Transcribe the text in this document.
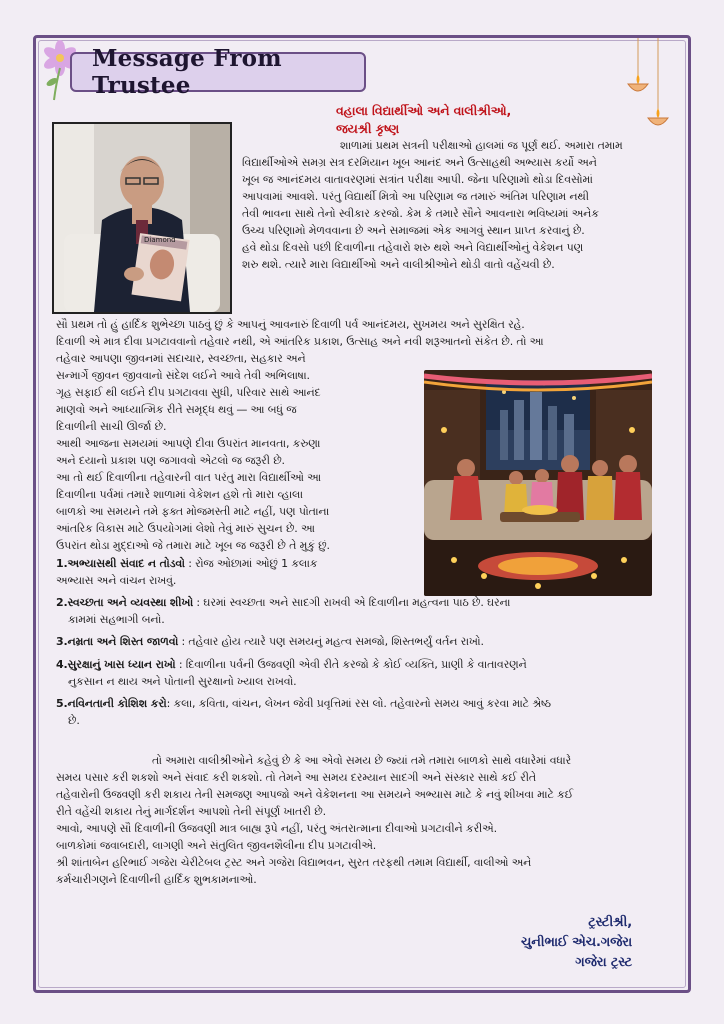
Message From Trustee
Diamond
વહાલા વિદ્યાર્થીઓ અને વાલીશ્રીઓ,
જયશ્રી કૃષ્ણ
શાળામાં પ્રથમ સત્રની પરીક્ષાઓ હાલમાં જ પૂર્ણ થઈ. અમારા તમામ
વિદ્યાર્થીઓએ સમગ્ર સત્ર દરમિયાન ખૂબ આનંદ અને ઉત્સાહથી અભ્યાસ કર્યો અને
ખૂબ જ આનંદમય વાતાવરણમાં સત્રાંત પરીક્ષા આપી. જેના પરિણામો થોડા દિવસોમાં
આપવામાં આવશે. પરંતુ વિદ્યાર્થી મિત્રો આ પરિણામ જ તમારું અંતિમ પરિણામ નથી
તેવી ભાવના સાથે તેનો સ્વીકાર કરજો. કેમ કે તમારે સૌને આવનારા ભવિષ્યમાં અનેક
ઉચ્ચ પરિણામો મેળવવાના છે અને સમાજમાં એક આગવું સ્થાન પ્રાપ્ત કરવાનું છે.
હવે થોડા દિવસો પછી દિવાળીના તહેવારો શરુ થશે અને વિદ્યાર્થીઓનું વેકેશન પણ
શરુ થશે. ત્યારે મારા વિદ્યાર્થીઓ અને વાલીશ્રીઓને થોડી વાતો વહેંચવી છે.
સૌ પ્રથમ તો હું હાર્દિક શુભેચ્છા પાઠવું છું કે આપનું આવનારું દિવાળી પર્વ આનંદમય, સુખમય અને સુરક્ષિત રહે.
દિવાળી એ માત્ર દીવા પ્રગટાવવાનો તહેવાર નથી, એ આંતરિક પ્રકાશ, ઉત્સાહ અને નવી શરૂઆતનો સંકેત છે. તો આ
તહેવાર આપણા જીવનમાં સદાચાર, સ્વચ્છતા, સહકાર અને
સન્માર્ગે જીવન જીવવાનો સંદેશ લઈને આવે તેવી અભિલાષા.
ગૃહ સફાઈ થી લઈને દીપ પ્રગટાવવા સુધી, પરિવાર સાથે આનંદ
માણવો અને આધ્યાત્મિક રીતે સમૃદ્ધ થવું — આ બધું જ
દિવાળીની સાચી ઊર્જા છે.
આથી આજના સમયમાં આપણે દીવા ઉપરાંત માનવતા, કરુણા
અને દયાનો પ્રકાશ પણ જગાવવો એટલો જ જરૂરી છે.
આ તો થઈ દિવાળીના તહેવારની વાત પરંતુ મારા વિદ્યાર્થીઓ આ
દિવાળીના પર્વમાં તમારે શાળામાં વેકેશન હશે તો મારા વ્હાલા
બાળકો આ સમયને તમે ફક્ત મોજમસ્તી માટે નહીં, પણ પોતાના
આંતરિક વિકાસ માટે ઉપયોગમાં લેશો તેવું મારું સુચન છે. આ
ઉપરાંત થોડા મુદ્દાઓ જે તમારા માટે ખૂબ જ જરૂરી છે તે મુકું છું.
1.અભ્યાસથી સંવાદ ન તોડવો : રોજ ઓછામાં ઓછું 1 કલાક
અભ્યાસ અને વાંચન રાખવું.
2.સ્વચ્છતા અને વ્યવસ્થા શીખો : ઘરમાં સ્વચ્છતા અને સાદગી રાખવી એ દિવાળીના મહત્વના પાઠ છે. ઘરના
કામમાં સહભાગી બનો.
3.નમ્રતા અને શિસ્ત જાળવો : તહેવાર હોય ત્યારે પણ સમયનું મહત્વ સમજો, શિસ્તભર્યું વર્તન રાખો.
4.સુરક્ષાનું ખાસ ધ્યાન રાખો : દિવાળીના પર્વની ઉજવણી એવી રીતે કરજો કે કોઈ વ્યક્તિ, પ્રાણી કે વાતાવરણને
નુકસાન ન થાય અને પોતાની સુરક્ષાનો ખ્યાલ રાખવો.
5.નવિનતાની કોશિશ કરો: કલા, કવિતા, વાંચન, લેખન જેવી પ્રવૃત્તિમાં રસ લો. તહેવારનો સમય આવું કરવા માટે શ્રેષ્ઠ
છે.
તો અમારા વાલીશ્રીઓને કહેવું છે કે આ એવો સમય છે જ્યાં તમે તમારા બાળકો સાથે વધારેમાં વધારે
સમય પસાર કરી શકશો અને સંવાદ કરી શકશો. તો તેમને આ સમય દરમ્યાન સાદગી અને સંસ્કાર સાથે કઈ રીતે
તહેવારોની ઉજવણી કરી શકાય તેની સમજણ આપજો અને વેકેશનના આ સમયને અભ્યાસ માટે કે નવું શીખવા માટે કઈ
રીતે વહેંચી શકાય તેનું માર્ગદર્શન આપશો તેની સંપૂર્ણ ખાતરી છે.
આવો, આપણે સૌ દિવાળીની ઉજવણી માત્ર બાહ્ય રૂપે નહીં, પરંતુ અંતરાત્માના દીવાઓ પ્રગટાવીને કરીએ.
બાળકોમાં જવાબદારી, લાગણી અને સંતુલિત જીવનશૈલીના દીપ પ્રગટાવીએ.
શ્રી શાંતાબેન હરિભાઈ ગજેરા ચેરીટેબલ ટ્રસ્ટ અને ગજેરા વિદ્યાભવન, સુરત તરફથી તમામ વિદ્યાર્થી, વાલીઓ અને
કર્મચારીગણને દિવાળીની હાર્દિક શુભકામનાઓ.
ટ્રસ્ટીશ્રી,
ચુનીભાઈ એચ.ગજેરા
ગજેરા ટ્રસ્ટ
